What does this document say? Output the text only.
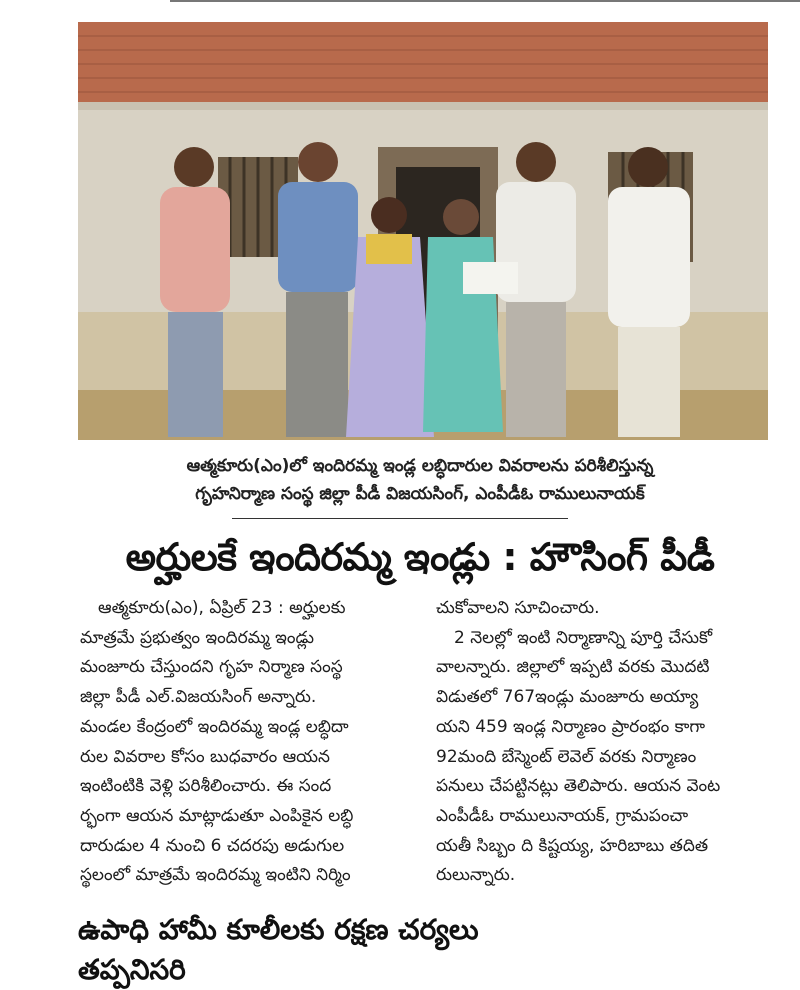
ఆత్మకూరు(ఎం)లో ఇందిరమ్మ ఇండ్ల లబ్ధిదారుల వివరాలను పరిశీలిస్తున్న
గృహనిర్మాణ సంస్థ జిల్లా పీడీ విజయసింగ్, ఎంపీడీఓ రాములునాయక్
అర్హులకే ఇందిరమ్మ ఇండ్లు : హౌసింగ్ పీడీ
ఆత్మకూరు(ఎం), ఏప్రిల్ 23 : అర్హులకు
మాత్రమే ప్రభుత్వం ఇందిరమ్మ ఇండ్లు
మంజూరు చేస్తుందని గృహ నిర్మాణ సంస్థ
జిల్లా పీడీ ఎల్.విజయసింగ్ అన్నారు.
మండల కేంద్రంలో ఇందిరమ్మ ఇండ్ల లబ్ధిదా
రుల వివరాల కోసం బుధవారం ఆయన
ఇంటింటికి వెళ్లి పరిశీలించారు. ఈ సంద
ర్భంగా ఆయన మాట్లాడుతూ ఎంపికైన లబ్ధి
దారుడుల 4 నుంచి 6 చదరపు అడుగుల
స్థలంలో మాత్రమే ఇందిరమ్మ ఇంటిని నిర్మిం
చుకోవాలని సూచించారు.
2 నెలల్లో ఇంటి నిర్మాణాన్ని పూర్తి చేసుకో
వాలన్నారు. జిల్లాలో ఇప్పటి వరకు మొదటి
విడుతలో 767ఇండ్లు మంజూరు అయ్యా
యని 459 ఇండ్ల నిర్మాణం ప్రారంభం కాగా
92మంది బేస్మెంట్ లెవెల్ వరకు నిర్మాణం
పనులు చేపట్టినట్లు తెలిపారు. ఆయన వెంట
ఎంపీడీఓ రాములునాయక్, గ్రామపంచా
యతీ సిబ్బం ది కిష్టయ్య, హరిబాబు తదిత
రులున్నారు.
ఉపాధి హామీ కూలీలకు రక్షణ చర్యలు తప్పనిసరి
